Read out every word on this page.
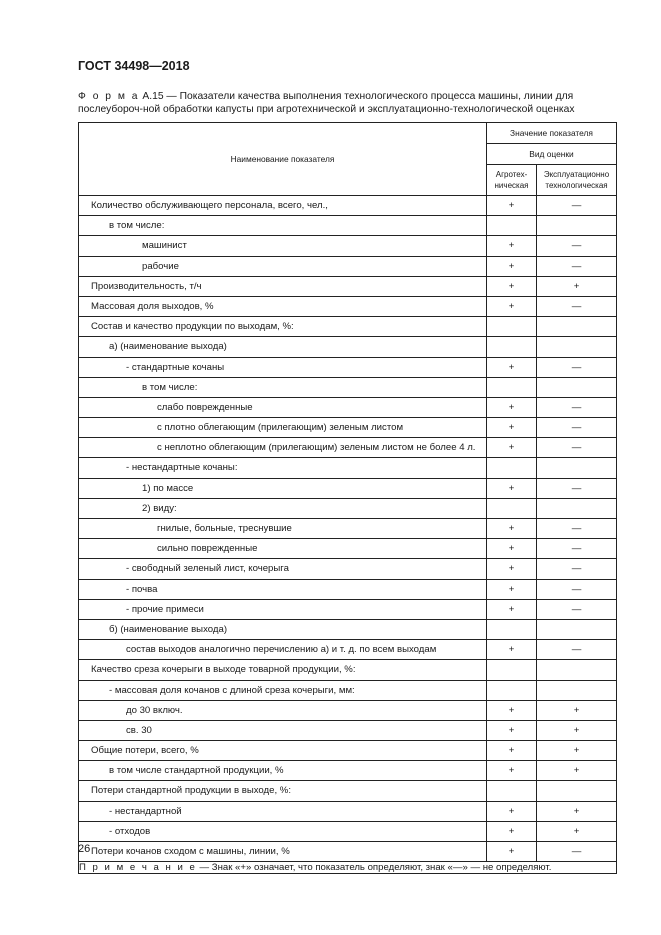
ГОСТ 34498—2018
Ф о р м а А.15 — Показатели качества выполнения технологического процесса машины, линии для послеубороч-ной обработки капусты при агротехнической и эксплуатационно-технологической оценках
Наименование показателя	Значение показателя	
	Вид оценки	
	Агротех-ническая	Эксплуатационно технологическая

Количество обслуживающего персонала, всего, чел.,	+	—

в том числе:		

машинист	+	—

рабочие	+	—

Производительность, т/ч	+	+

Массовая доля выходов, %	+	—

Состав и качество продукции по выходам, %:		

а) (наименование выхода)		

- стандартные кочаны	+	—

в том числе:		

слабо поврежденные	+	—

с плотно облегающим (прилегающим) зеленым листом	+	—

с неплотно облегающим (прилегающим) зеленым листом не более 4 л.	+	—

- нестандартные кочаны:		

1) по массе	+	—

2) виду:		

гнилые, больные, треснувшие	+	—

сильно поврежденные	+	—

- свободный зеленый лист, кочерыга	+	—

- почва	+	—

- прочие примеси	+	—

б) (наименование выхода)		

состав выходов аналогично перечислению а) и т. д. по всем выходам	+	—

Качество среза кочерыги в выходе товарной продукции, %:		

- массовая доля кочанов с длиной среза кочерыги, мм:		

до 30 включ.	+	+

св. 30	+	+

Общие потери, всего, %	+	+

в том числе стандартной продукции, %	+	+

Потери стандартной продукции в выходе, %:		

- нестандартной	+	+

- отходов	+	+

Потери кочанов сходом с машины, линии, %	+	—

П р и м е ч а н и е — Знак «+» означает, что показатель определяют, знак «—» — не определяют.		
26
